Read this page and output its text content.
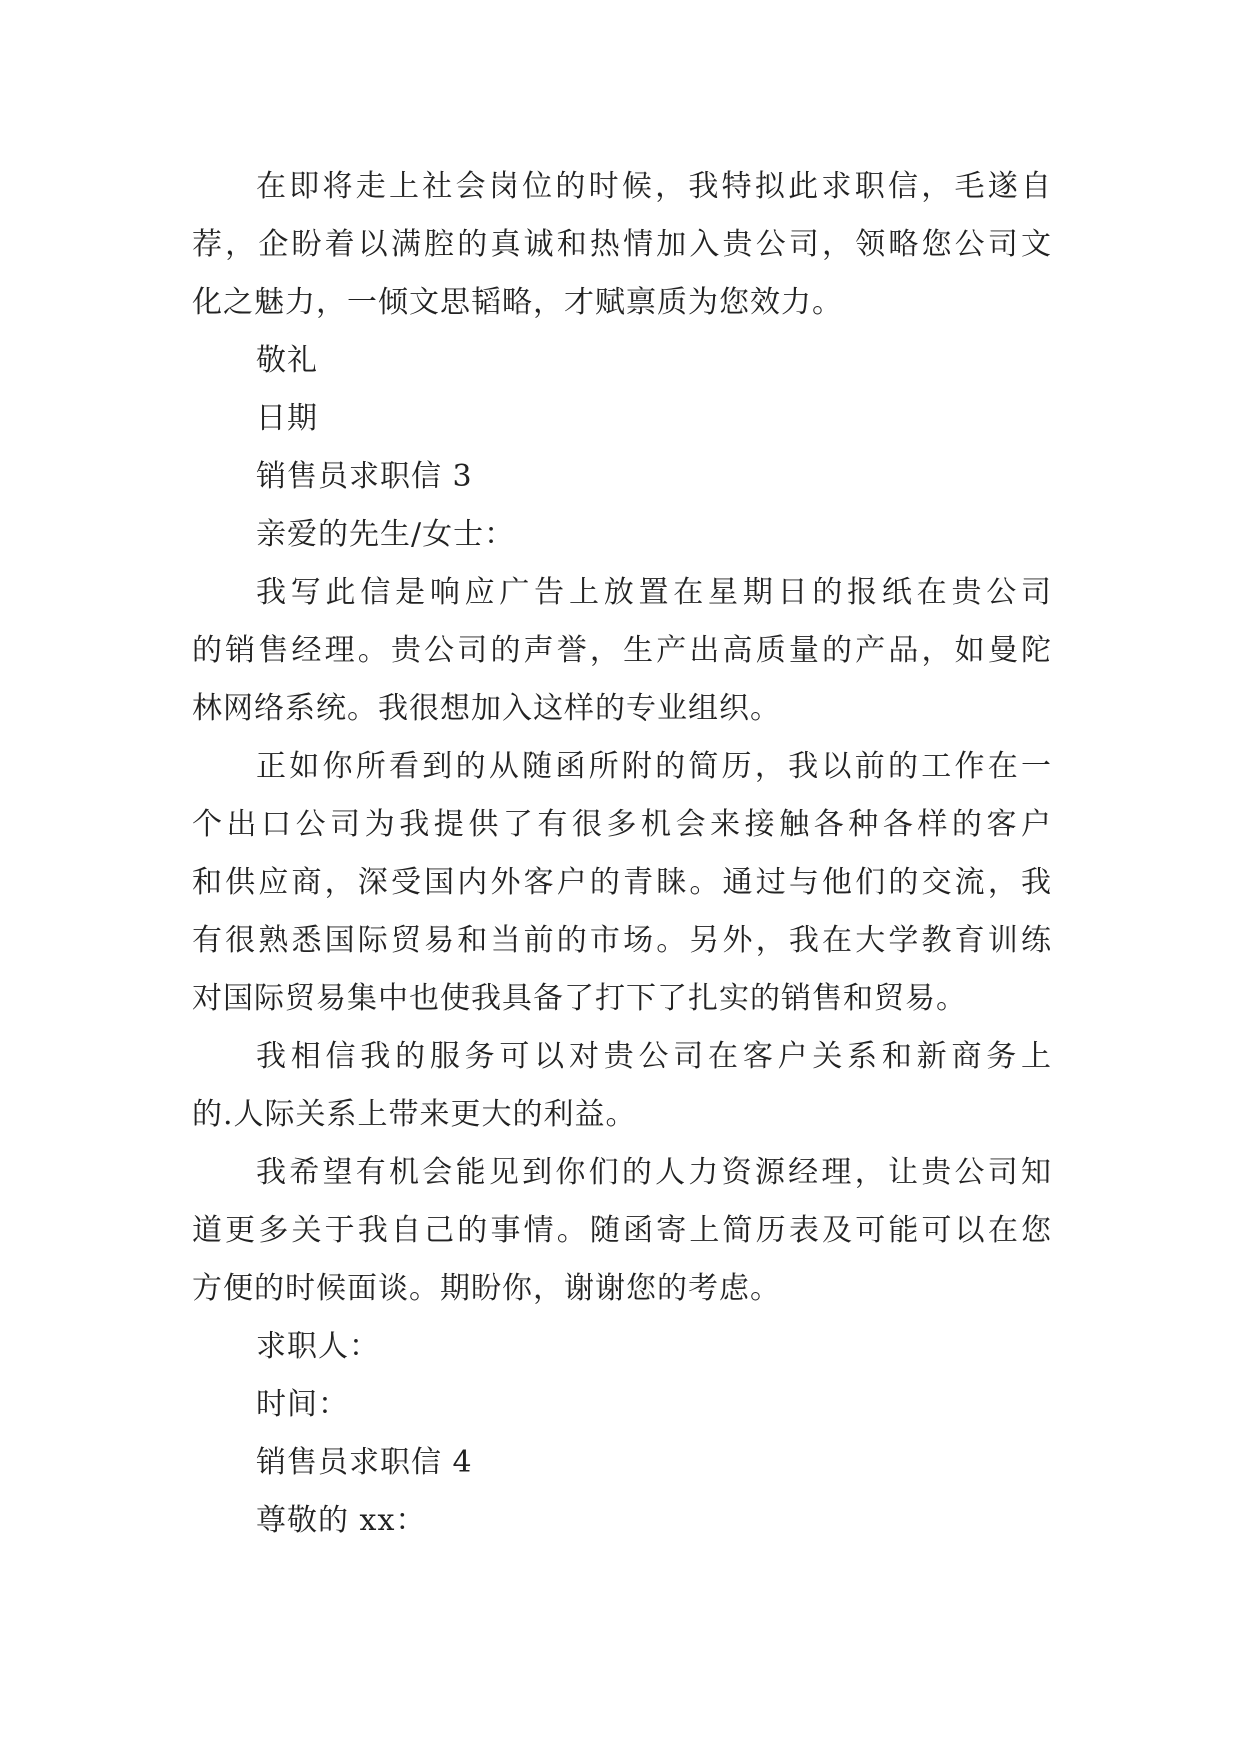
在即将走上社会岗位的时候，我特拟此求职信，毛遂自

荐，企盼着以满腔的真诚和热情加入贵公司，领略您公司文

化之魅力，一倾文思韬略，才赋禀质为您效力。

敬礼

日期

销售员求职信 3

亲爱的先生/女士：

我写此信是响应广告上放置在星期日的报纸在贵公司

的销售经理。贵公司的声誉，生产出高质量的产品，如曼陀

林网络系统。我很想加入这样的专业组织。

正如你所看到的从随函所附的简历，我以前的工作在一

个出口公司为我提供了有很多机会来接触各种各样的客户

和供应商，深受国内外客户的青睐。通过与他们的交流，我

有很熟悉国际贸易和当前的市场。另外，我在大学教育训练

对国际贸易集中也使我具备了打下了扎实的销售和贸易。

我相信我的服务可以对贵公司在客户关系和新商务上

的.人际关系上带来更大的利益。

我希望有机会能见到你们的人力资源经理，让贵公司知

道更多关于我自己的事情。随函寄上简历表及可能可以在您

方便的时候面谈。期盼你，谢谢您的考虑。

求职人：

时间：

销售员求职信 4

尊敬的 xx：
